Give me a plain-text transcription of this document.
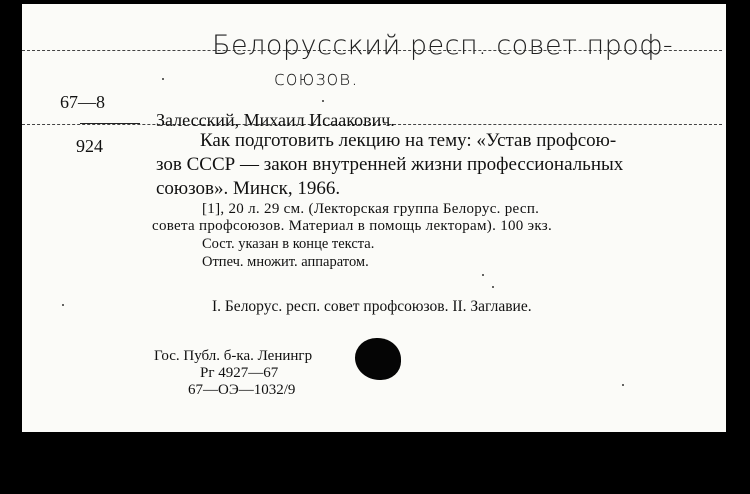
Белорусский респ. совет проф-
союзов.
67—8
924
Залесский, Михаил Исаакович.
Как подготовить лекцию на тему: «Устав профсою-
зов СССР — закон внутренней жизни профессиональных
союзов». Минск, 1966.
[1], 20 л. 29 см. (Лекторская группа Белорус. респ.
совета профсоюзов. Материал в помощь лекторам). 100 экз.
Сост. указан в конце текста.
Отпеч. множит. аппаратом.
I. Белорус. респ. совет профсоюзов. II. Заглавие.
Гос. Публ. б-ка. Ленингр
Рг 4927—67
67—ОЭ—1032/9
